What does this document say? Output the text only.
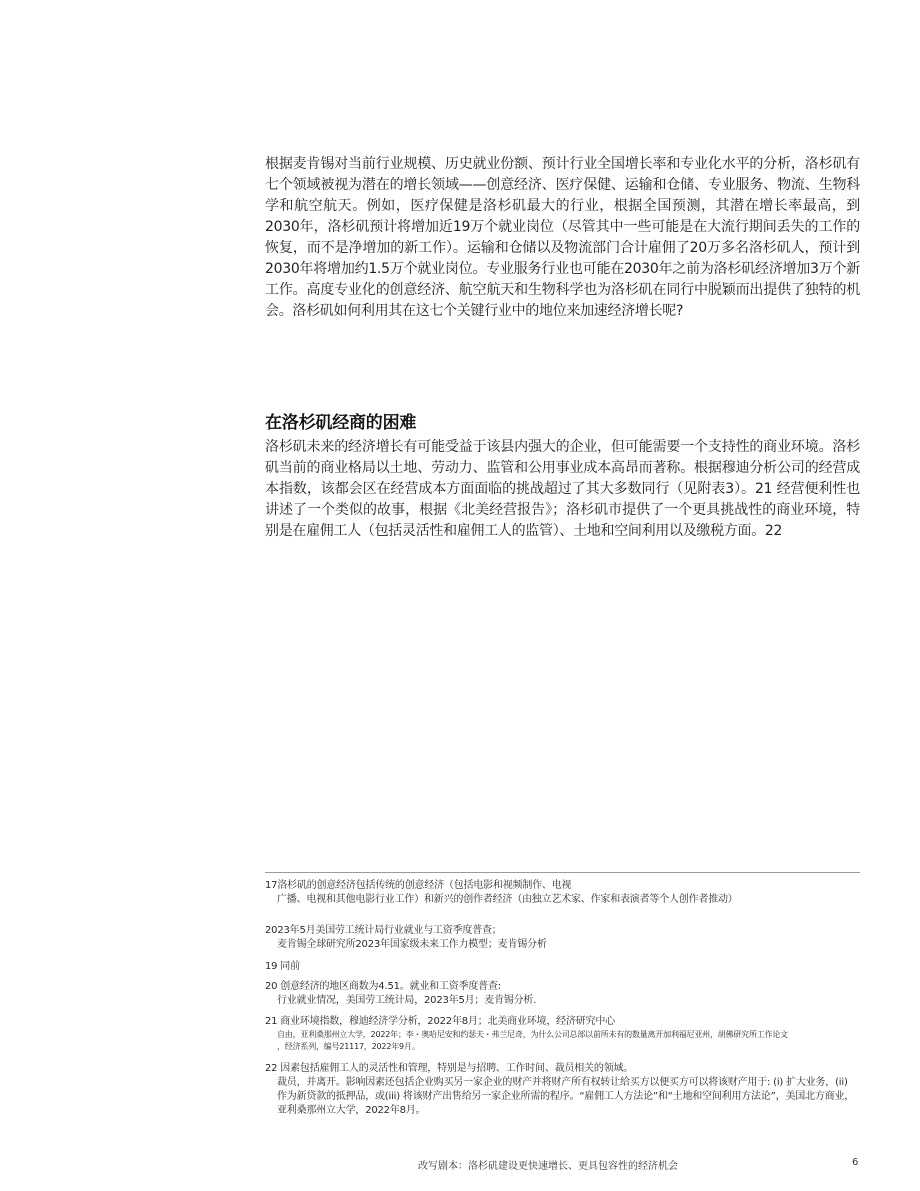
根据麦肯锡对当前行业规模、历史就业份额、预计行业全国增长率和专业化水平的分析，洛杉矶有七个领域被视为潜在的增长领域——创意经济、医疗保健、运输和仓储、专业服务、物流、生物科学和航空航天。例如，医疗保健是洛杉矶最大的行业，根据全国预测，其潜在增长率最高，到2030年，洛杉矶预计将增加近19万个就业岗位（尽管其中一些可能是在大流行期间丢失的工作的恢复，而不是净增加的新工作）。运输和仓储以及物流部门合计雇佣了20万多名洛杉矶人，预计到2030年将增加约1.5万个就业岗位。专业服务行业也可能在2030年之前为洛杉矶经济增加3万个新工作。高度专业化的创意经济、航空航天和生物科学也为洛杉矶在同行中脱颖而出提供了独特的机会。洛杉矶如何利用其在这七个关键行业中的地位来加速经济增长呢?

在洛杉矶经商的困难

洛杉矶未来的经济增长有可能受益于该县内强大的企业，但可能需要一个支持性的商业环境。洛杉矶当前的商业格局以土地、劳动力、监管和公用事业成本高昂而著称。根据穆迪分析公司的经营成本指数，该都会区在经营成本方面面临的挑战超过了其大多数同行（见附表3）。21 经营便利性也讲述了一个类似的故事，根据《北美经营报告》；洛杉矶市提供了一个更具挑战性的商业环境，特别是在雇佣工人（包括灵活性和雇佣工人的监管）、土地和空间利用以及缴税方面。22

17洛杉矶的创意经济包括传统的创意经济（包括电影和视频制作、电视
广播、电视和其他电影行业工作）和新兴的创作者经济（由独立艺术家、作家和表演者等个人创作者推动）
2023年5月美国劳工统计局行业就业与工资季度普查；
麦肯锡全球研究所2023年国家级未来工作力模型；麦肯锡分析
19 同前
20 创意经济的地区商数为4.51。就业和工资季度普查:
行业就业情况，美国劳工统计局，2023年5月；麦肯锡分析.
21 商业环境指数，穆迪经济学分析，2022年8月；北美商业环境，经济研究中心
自由，亚利桑那州立大学，2022年；李・奥哈尼安和约瑟夫・弗兰尼奇，为什么公司总部以前所未有的数量离开加利福尼亚州，胡佛研究所工作论文
，经济系列，编号21117，2022年9月。
22 因素包括雇佣工人的灵活性和管理，特别是与招聘、工作时间、裁员相关的领域。
裁员，并离开。影响因素还包括企业购买另一家企业的财产并将财产所有权转让给买方以便买方可以将该财产用于: (i) 扩大业务，(ii) 作为新贷款的抵押品，或(iii) 将该财产出售给另一家企业所需的程序。“雇佣工人方法论”和“土地和空间利用方法论”，美国北方商业，亚利桑那州立大学，2022年8月。
改写剧本：洛杉矶建设更快速增长、更具包容性的经济机会	6
